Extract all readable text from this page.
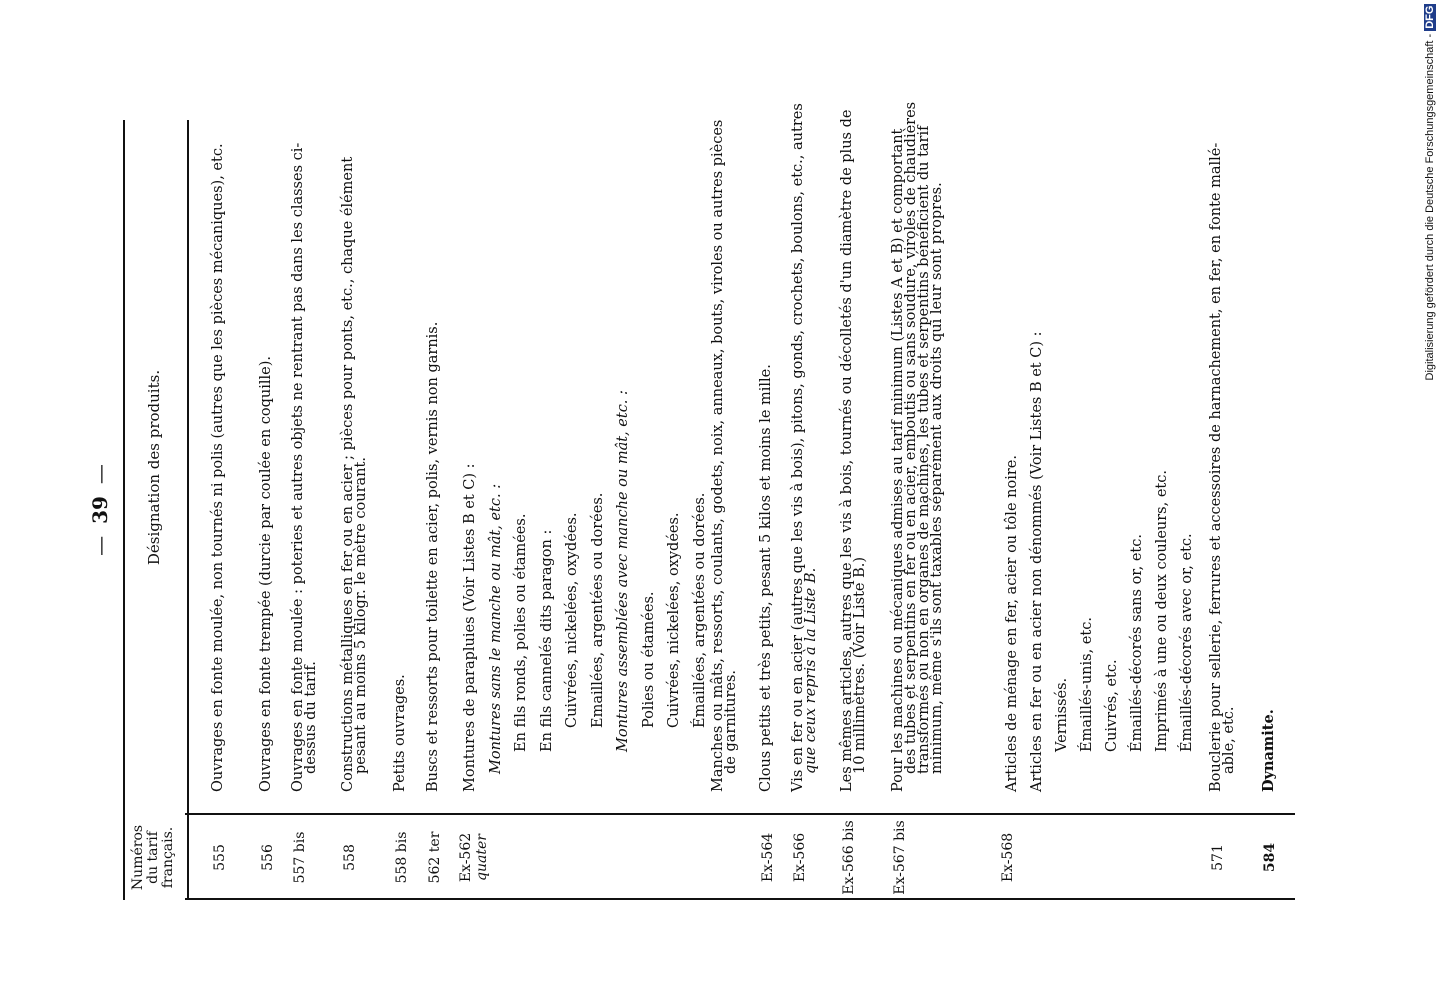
Digitalisierung gefördert durch die Deutsche Forschungsgemeinschaft -DFG
—39—
Numéros du tarif français.
Désignation des produits.
555
Ouvrages en fonte moulée, non tournés ni polis (autres que les pièces mécaniques), etc.
556
Ouvrages en fonte trempée (durcie par coulée en coquille).
557 bis
Ouvrages en fonte moulée : poteries et autres objets ne rentrant pas dans les classes ci-
dessus du tarif.
558
Constructions métalliques en fer ou en acier ; pièces pour ponts, etc., chaque élément
pesant au moins 5 kilogr. le mètre courant.
558 bis
Petits ouvrages.
562 ter
Buscs et ressorts pour toilette en acier, polis, vernis non garnis.
Ex-562 quater
Montures de parapluies (Voir Listes B et C) : Montures sans le manche ou mât, etc. : En fils ronds, polies ou étamées. En fils cannelés dits paragon : Cuivrées, nickelées, oxydées. Emaillées, argentées ou dorées. Montures assemblées avec manche ou mât, etc. : Polies ou étamées. Cuivrées, nickelées, oxydées. Émaillées, argentées ou dorées. Manches ou mâts, ressorts, coulants, godets, noix, anneaux, bouts, viroles ou autres pièces
de garnitures.
Ex-564
Clous petits et très petits, pesant 5 kilos et moins le mille.
Ex-566
Vis en fer ou en acier (autres que les vis à bois), pitons, gonds, crochets, boulons, etc., autres
que ceux repris à la Liste B.
Ex-566 bis
Les mêmes articles, autres que les vis à bois, tournés ou décolletés d'un diamètre de plus de
10 millimètres. (Voir Liste B.)
Ex-567 bis
Pour les machines ou mécaniques admises au tarif minimum (Listes A et B) et comportant
des tubes et serpentins en fer ou en acier, emboutis ou sans soudure, viroles de chaudières
transformés ou non en organes de machines, les tubes et serpentins bénéficient du tarif
minimum, même s'ils sont taxables séparément aux droits qui leur sont propres.
Ex-568
Articles de ménage en fer, acier ou tôle noire. Articles en fer ou en acier non dénommés (Voir Listes B et C) : Vernissés. Émaillés-unis, etc. Cuivrés, etc. Émaillés-décorés sans or, etc. Imprimés à une ou deux couleurs, etc. Émaillés-décorés avec or, etc.
571
Bouclerie pour sellerie, ferrures et accessoires de harnachement, en fer, en fonte mallé-
able, etc.
584
Dynamite.
